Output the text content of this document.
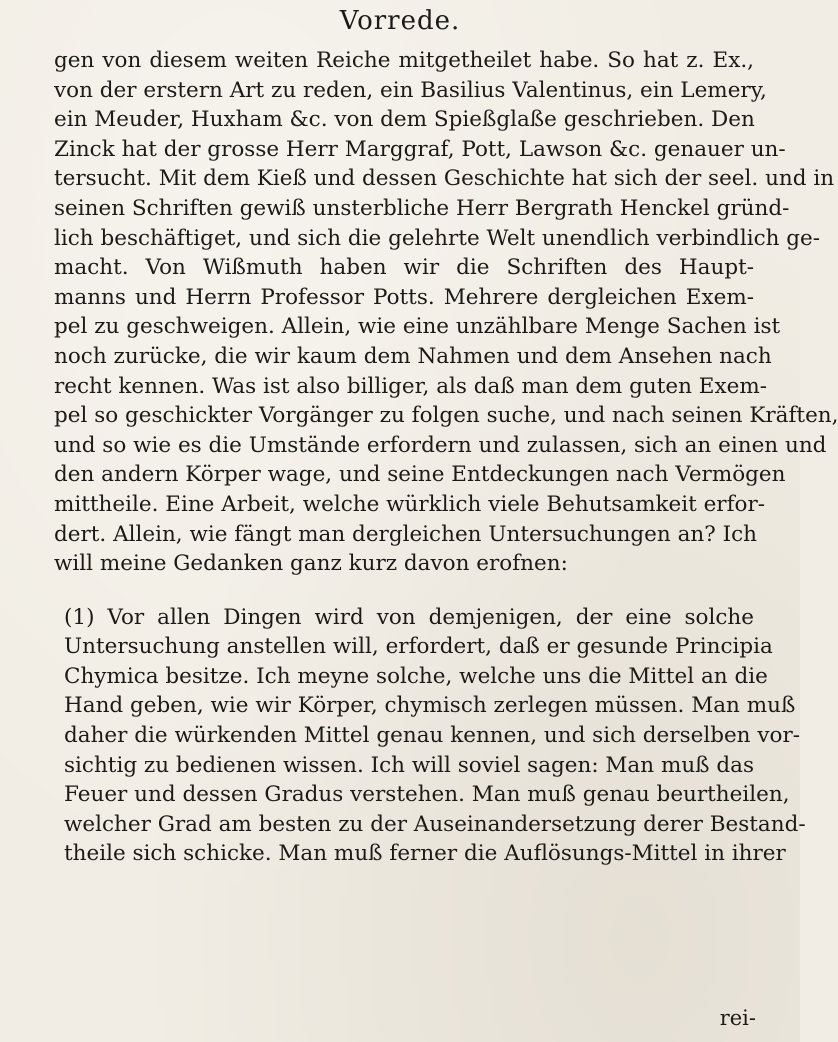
Vorrede.
gen von diesem weiten Reiche mitgetheilet habe. So hat z. Ex.,
von der erstern Art zu reden, ein Basilius Valentinus, ein Lemery,
ein Meuder, Huxham &c. von dem Spießglaße geschrieben. Den
Zinck hat der grosse Herr Marggraf, Pott, Lawson &c. genauer un-
tersucht. Mit dem Kieß und dessen Geschichte hat sich der seel. und in
seinen Schriften gewiß unsterbliche Herr Bergrath Henckel gründ-
lich beschäftiget, und sich die gelehrte Welt unendlich verbindlich ge-
macht. Von Wißmuth haben wir die Schriften des Haupt-
manns und Herrn Professor Potts. Mehrere dergleichen Exem-
pel zu geschweigen. Allein, wie eine unzählbare Menge Sachen ist
noch zurücke, die wir kaum dem Nahmen und dem Ansehen nach
recht kennen. Was ist also billiger, als daß man dem guten Exem-
pel so geschickter Vorgänger zu folgen suche, und nach seinen Kräften,
und so wie es die Umstände erfordern und zulassen, sich an einen und
den andern Körper wage, und seine Entdeckungen nach Vermögen
mittheile. Eine Arbeit, welche würklich viele Behutsamkeit erfor-
dert. Allein, wie fängt man dergleichen Untersuchungen an? Ich
will meine Gedanken ganz kurz davon erofnen:
(1) Vor allen Dingen wird von demjenigen, der eine solche
Untersuchung anstellen will, erfordert, daß er gesunde Principia
Chymica besitze. Ich meyne solche, welche uns die Mittel an die
Hand geben, wie wir Körper, chymisch zerlegen müssen. Man muß
daher die würkenden Mittel genau kennen, und sich derselben vor-
sichtig zu bedienen wissen. Ich will soviel sagen: Man muß das
Feuer und dessen Gradus verstehen. Man muß genau beurtheilen,
welcher Grad am besten zu der Auseinandersetzung derer Bestand-
theile sich schicke. Man muß ferner die Auflösungs-Mittel in ihrer
rei-
